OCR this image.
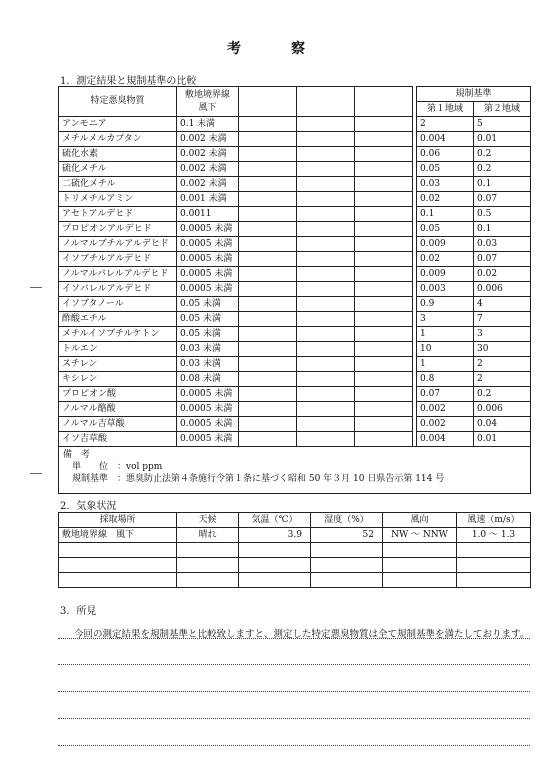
考　察
1．測定結果と規制基準の比較
特定悪臭物質	敷地境界線
風下					規制基準	
						第１地域	第２地域
アンモニア	0.1 未満					2	5
メチルメルカプタン	0.002 未満					0.004	0.01
硫化水素	0.002 未満					0.06	0.2
硫化メチル	0.002 未満					0.05	0.2
二硫化メチル	0.002 未満					0.03	0.1
トリメチルアミン	0.001 未満					0.02	0.07
アセトアルデヒド	0.0011					0.1	0.5
プロピオンアルデヒド	0.0005 未満					0.05	0.1
ノルマルブチルアルデヒド	0.0005 未満					0.009	0.03
イソブチルアルデヒド	0.0005 未満					0.02	0.07
ノルマルバレルアルデヒド	0.0005 未満					0.009	0.02
イソバレルアルデヒド	0.0005 未満					0.003	0.006
イソブタノール	0.05 未満					0.9	4
酢酸エチル	0.05 未満					3	7
メチルイソブチルケトン	0.05 未満					1	3
トルエン	0.03 未満					10	30
スチレン	0.03 未満					1	2
キシレン	0.08 未満					0.8	2
プロピオン酸	0.0005 未満					0.07	0.2
ノルマル酪酸	0.0005 未満					0.002	0.006
ノルマル吉草酸	0.0005 未満					0.002	0.04
イソ吉草酸	0.0005 未満					0.004	0.01

備　考
　単　　位　：vol ppm
　規制基準　：悪臭防止法第４条施行令第１条に基づく昭和 50 年３月 10 日県告示第 114 号							
2．気象状況
採取場所	天候	気温（℃）	湿度（%）	風向	風速（m/s）
敷地境界線　風下	晴れ	3.9	52	NW ～ NNW	1.0 ～ 1.3

3．所見
今回の測定結果を規制基準と比較致しますと、測定した特定悪臭物質は全て規制基準を満たしております。
